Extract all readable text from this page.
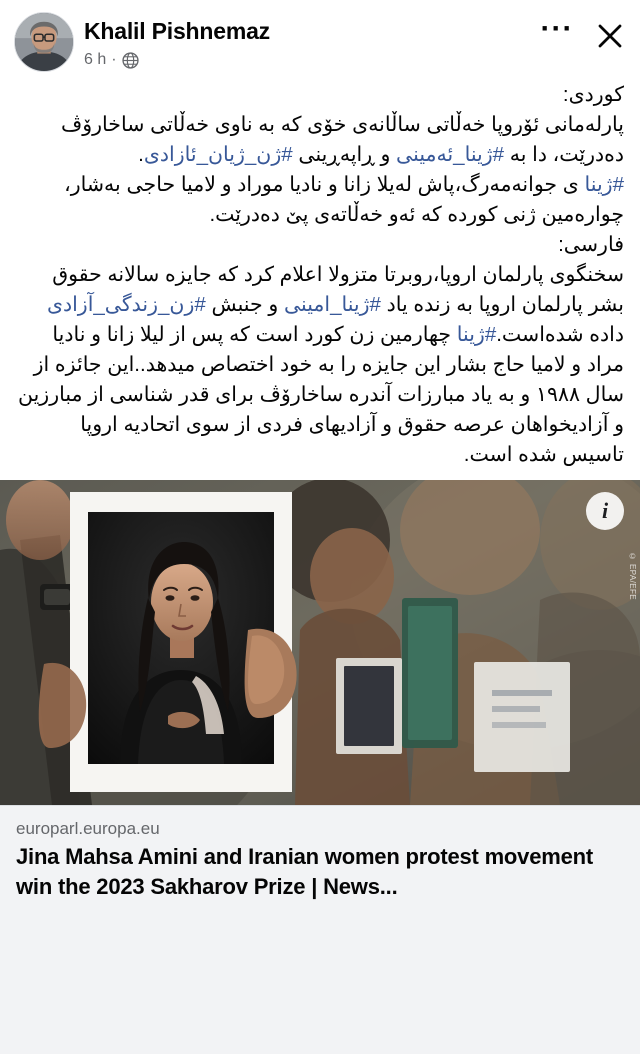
Khalil Pishnemaz
6 h ·
···

کوردی:

پارلەمانی ئۆروپا خەڵاتی ساڵانەی خۆی کە بە ناوی خەڵاتی ساخارۆڤ دەدرێت، دا بە #ژینا_ئەمینی و ڕاپەڕینی #ژن_ژیان_ئازادی.

#ژینا ی جوانەمەرگ،پاش لەیلا زانا و نادیا موراد و لامیا حاجی بەشار، چوارەمین ژنی کوردە کە ئەو خەڵاتەی پێ دەدرێت.

فارسی:

سخنگوی پارلمان اروپا،روبرتا متزولا اعلام کرد که جایزه سالانه حقوق بشر پارلمان اروپا به زنده یاد #ژینا_امینی و جنبش #زن_زندگی_آزادی داده شده‌است.#ژینا چهارمین زن کورد است که پس از لیلا زانا و نادیا مراد و لامیا حاج بشار این جایزه را به خود اختصاص میدهد..این جائزه از سال ۱۹۸۸ و به یاد مبارزات آندره ساخارۆڤ برای قدر شناسی از مبارزین و آزادیخواهان عرصه حقوق و آزادیهای فردی از سوی اتحادیه اروپا تاسیس شده است.

i
© EPA/EFE
europarl.europa.eu
Jina Mahsa Amini and Iranian women protest movement win the 2023 Sakharov Prize | News...
